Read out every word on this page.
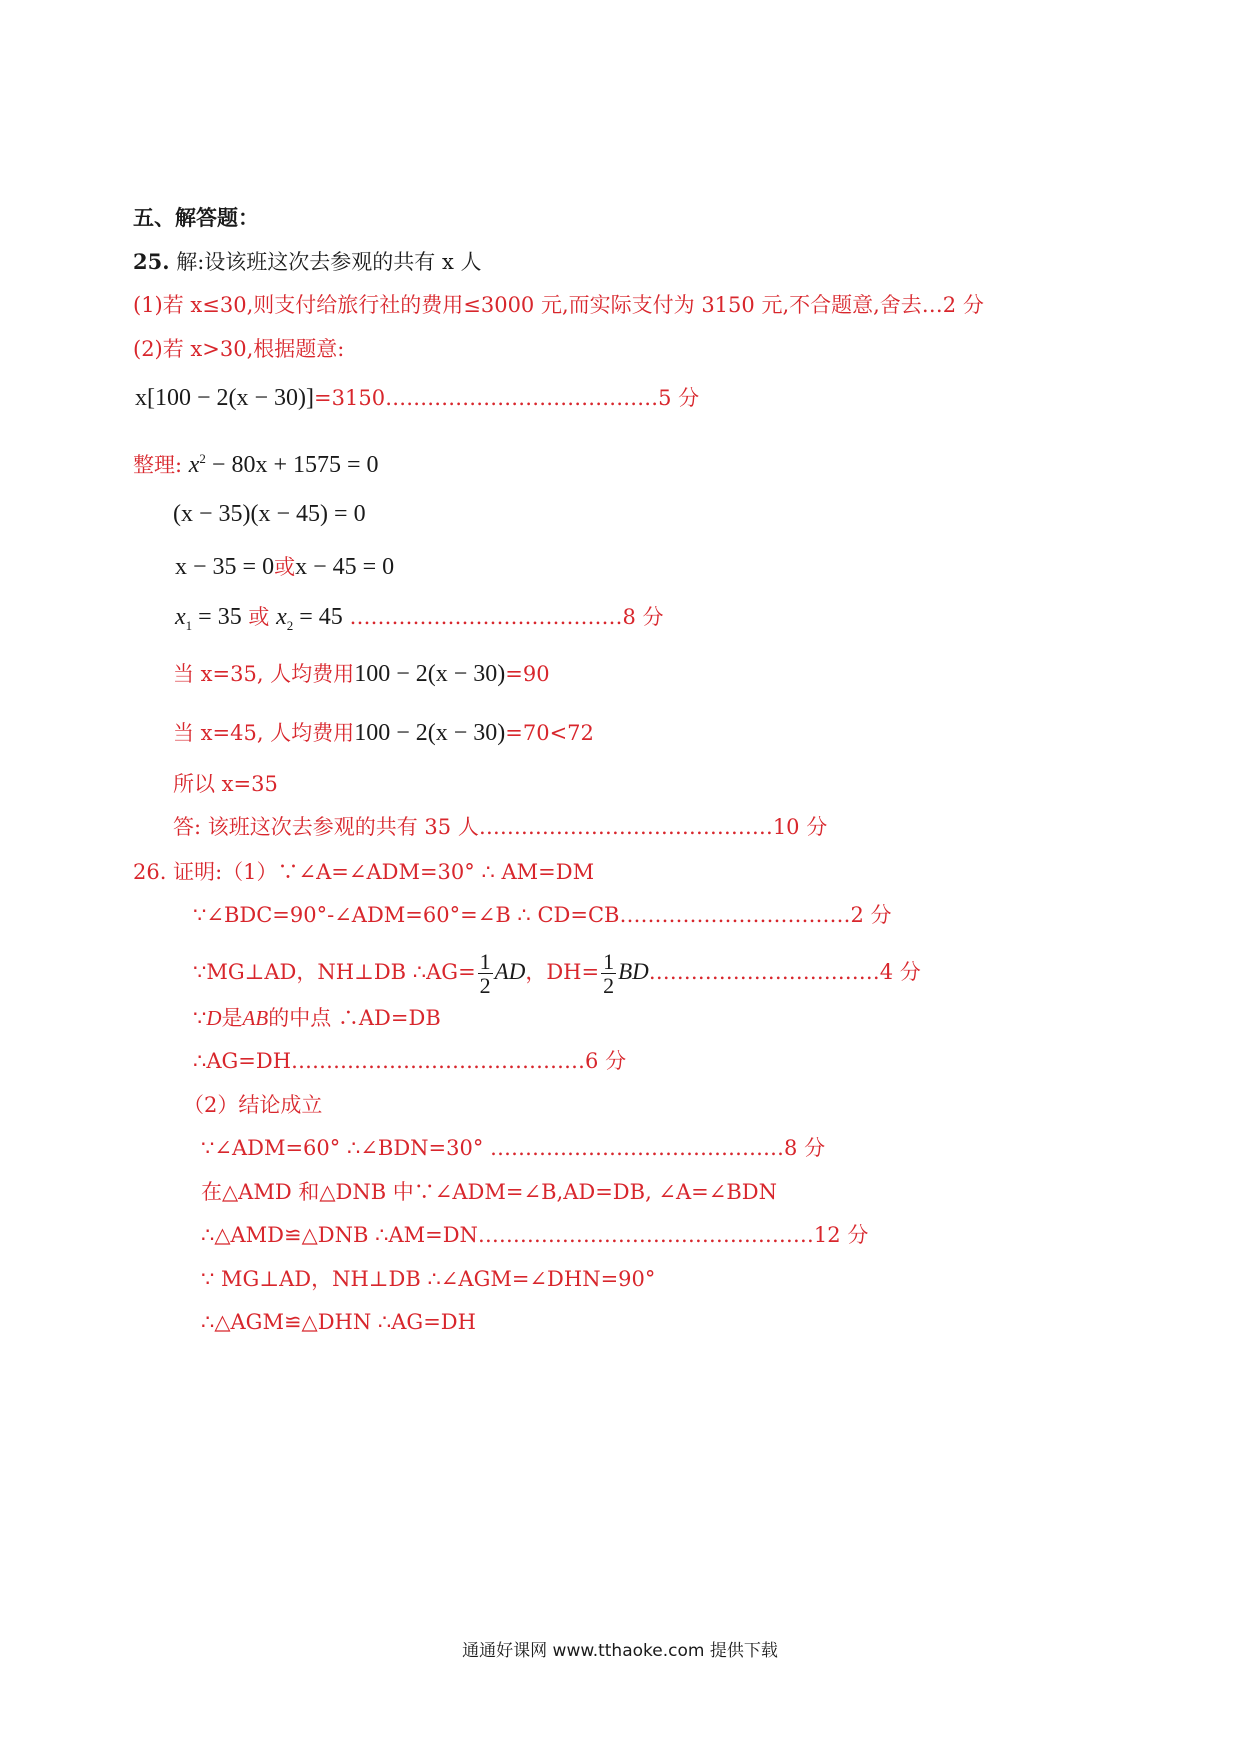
五、解答题：
25. 解:设该班这次去参观的共有 x 人
(1)若 x≤30,则支付给旅行社的费用≤3000 元,而实际支付为 3150 元,不合题意,舍去…2 分
(2)若 x>30,根据题意:
x[100 − 2(x − 30)]=3150…………………………………5 分
整理: $x^2 - 80x + 1575 = 0$
(x − 35)(x − 45) = 0
x − 35 = 0或x − 45 = 0
$x_1 = 35$ 或 $x_2 = 45$ …………………………………8 分
当 x=35, 人均费用100 − 2(x − 30)=90
当 x=45, 人均费用100 − 2(x − 30)=70<72
所以 x=35
答: 该班这次去参观的共有 35 人……………………………………10 分
26. 证明:（1）∵∠A=∠ADM=30° ∴ AM=DM
∵∠BDC=90°-∠ADM=60°=∠B ∴ CD=CB……………………………2 分
∵MG⊥AD，NH⊥DB ∴AG= $\frac{1}{2}$ AD，$DH= \frac{1}{2}$ BD……………………………4 分
∵D是AB的中点 ∴AD=DB
∴AG=DH……………………………………6 分
（2）结论成立
∵∠ADM=60° ∴∠BDN=30° ……………………………………8 分
在△AMD 和△DNB 中∵∠ADM=∠B,AD=DB, ∠A=∠BDN
∴△AMD≌△DNB ∴AM=DN…………………………………………12 分
∵ MG⊥AD，NH⊥DB ∴∠AGM=∠DHN=90°
∴△AGM≌△DHN ∴AG=DH
通通好课网 www.tthaoke.com 提供下载
